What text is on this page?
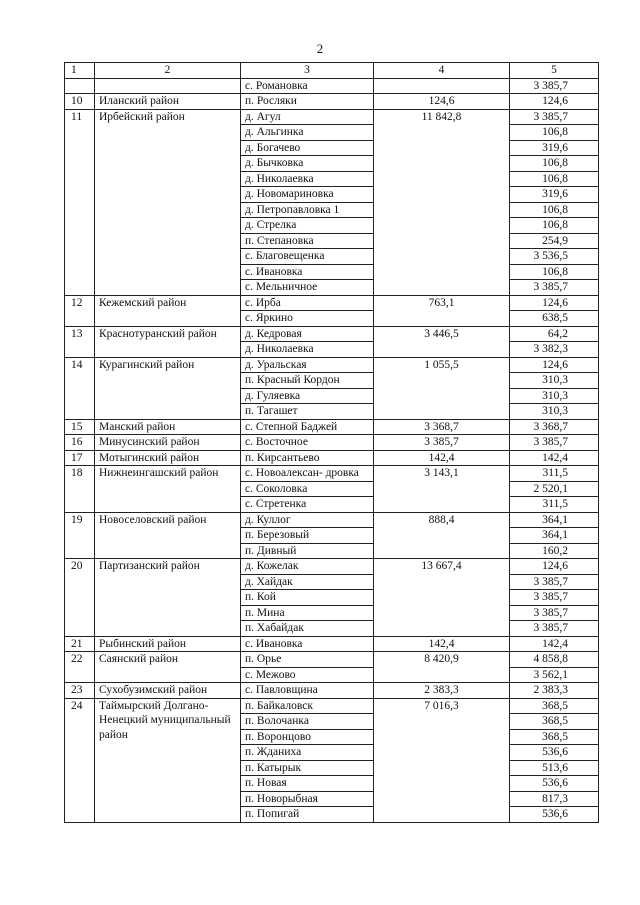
2
1	2	3	4	5
		с. Романовка		3 385,7
10	Иланский район	п. Росляки	124,6	124,6
11	Ирбейский район	д. Агул	11 842,8	3 385,7
		д. Альгинка		106,8
		д. Богачево		319,6
		д. Бычковка		106,8
		д. Николаевка		106,8
		д. Новомариновка		319,6
		д. Петропавловка 1		106,8
		д. Стрелка		106,8
		п. Степановка		254,9
		с. Благовещенка		3 536,5
		с. Ивановка		106,8
		с. Мельничное		3 385,7
12	Кежемский район	с. Ирба	763,1	124,6
		с. Яркино		638,5
13	Краснотуранский район	д. Кедровая	3 446,5	64,2
		д. Николаевка		3 382,3
14	Курагинский район	д. Уральская	1 055,5	124,6
		п. Красный Кордон		310,3
		д. Гуляевка		310,3
		п. Тагашет		310,3
15	Манский район	с. Степной Баджей	3 368,7	3 368,7
16	Минусинский район	с. Восточное	3 385,7	3 385,7
17	Мотыгинский район	п. Кирсантьево	142,4	142,4
18	Нижнеингашский район	с. Новоалексан- дровка	3 143,1	311,5
		с. Соколовка		2 520,1
		с. Стретенка		311,5
19	Новоселовский район	д. Куллог	888,4	364,1
		п. Березовый		364,1
		п. Дивный		160,2
20	Партизанский район	д. Кожелак	13 667,4	124,6
		д. Хайдак		3 385,7
		п. Кой		3 385,7
		п. Мина		3 385,7
		п. Хабайдак		3 385,7
21	Рыбинский район	с. Ивановка	142,4	142,4
22	Саянский район	п. Орье	8 420,9	4 858,8
		с. Межово		3 562,1
23	Сухобузимский район	с. Павловщина	2 383,3	2 383,3
24	Таймырский Долгано-Ненецкий муниципальный район	п. Байкаловск	7 016,3	368,5
		п. Волочанка		368,5
		п. Воронцово		368,5
		п. Жданиха		536,6
		п. Катырык		513,6
		п. Новая		536,6
		п. Новорыбная		817,3
		п. Попигай		536,6
